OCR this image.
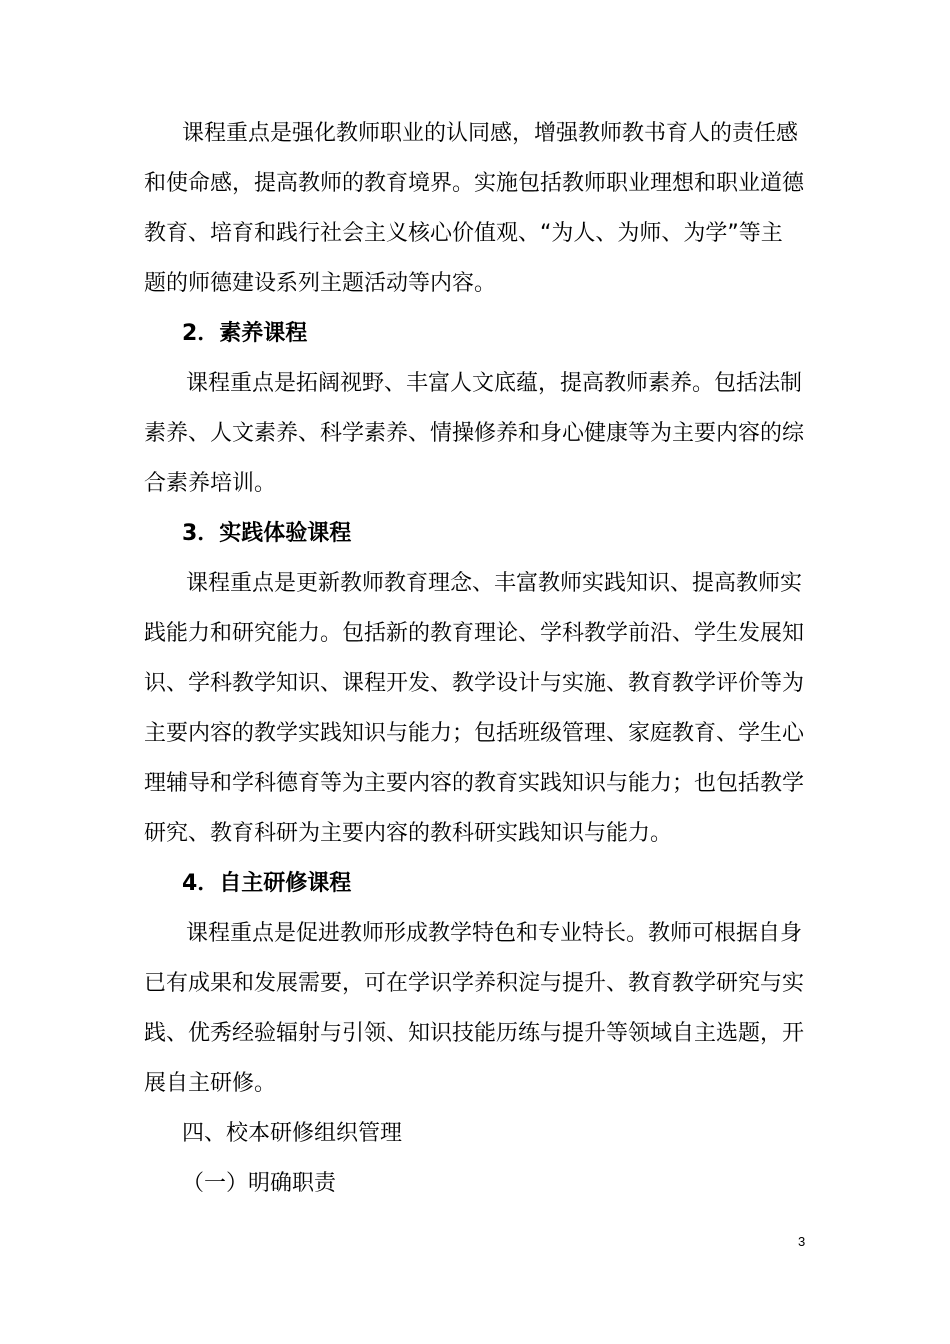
课程重点是强化教师职业的认同感，增强教师教书育人的责任感
和使命感，提高教师的教育境界。实施包括教师职业理想和职业道德
教育、培育和践行社会主义核心价值观、“为人、为师、为学”等主
题的师德建设系列主题活动等内容。
2．素养课程
课程重点是拓阔视野、丰富人文底蕴，提高教师素养。包括法制
素养、人文素养、科学素养、情操修养和身心健康等为主要内容的综
合素养培训。
3．实践体验课程
课程重点是更新教师教育理念、丰富教师实践知识、提高教师实
践能力和研究能力。包括新的教育理论、学科教学前沿、学生发展知
识、学科教学知识、课程开发、教学设计与实施、教育教学评价等为
主要内容的教学实践知识与能力；包括班级管理、家庭教育、学生心
理辅导和学科德育等为主要内容的教育实践知识与能力；也包括教学
研究、教育科研为主要内容的教科研实践知识与能力。
4．自主研修课程
课程重点是促进教师形成教学特色和专业特长。教师可根据自身
已有成果和发展需要，可在学识学养积淀与提升、教育教学研究与实
践、优秀经验辐射与引领、知识技能历练与提升等领域自主选题，开
展自主研修。
四、校本研修组织管理
（一）明确职责
3
